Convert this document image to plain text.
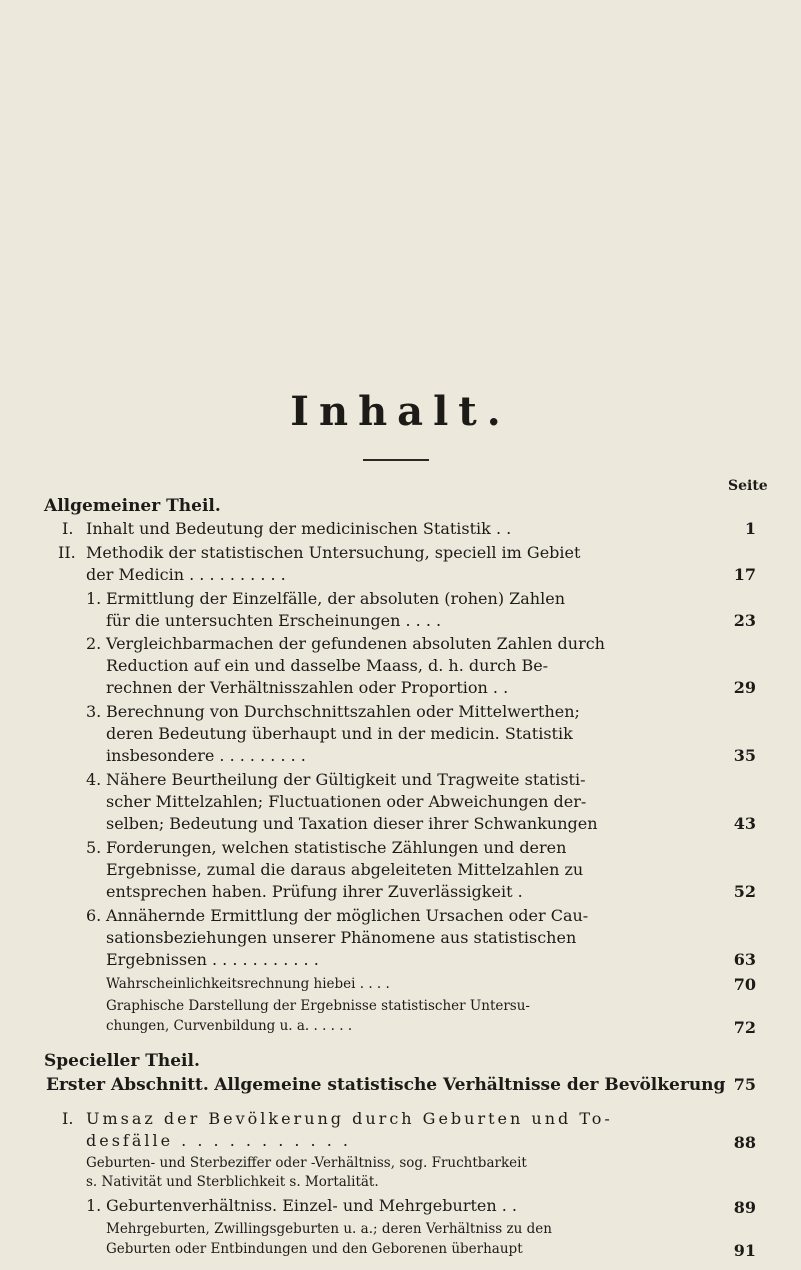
Inhalt.
Seite
Allgemeiner Theil.
I. Inhalt und Bedeutung der medicinischen Statistik . .	1
II. Methodik der statistischen Untersuchung, speciell im Gebiet
der Medicin . . . . . . . . . .	17
1. Ermittlung der Einzelfälle, der absoluten (rohen) Zahlen
für die untersuchten Erscheinungen . . . .	23
2. Vergleichbarmachen der gefundenen absoluten Zahlen durch
Reduction auf ein und dasselbe Maass, d. h. durch Be-
rechnen der Verhältnisszahlen oder Proportion . .	29
3. Berechnung von Durchschnittszahlen oder Mittelwerthen;
deren Bedeutung überhaupt und in der medicin. Statistik
insbesondere . . . . . . . . .	35
4. Nähere Beurtheilung der Gültigkeit und Tragweite statisti-
scher Mittelzahlen; Fluctuationen oder Abweichungen der-
selben; Bedeutung und Taxation dieser ihrer Schwankungen	43
5. Forderungen, welchen statistische Zählungen und deren
Ergebnisse, zumal die daraus abgeleiteten Mittelzahlen zu
entsprechen haben. Prüfung ihrer Zuverlässigkeit .	52
6. Annähernde Ermittlung der möglichen Ursachen oder Cau-
sationsbeziehungen unserer Phänomene aus statistischen
Ergebnissen . . . . . . . . . . .	63
Wahrscheinlichkeitsrechnung hiebei . . . .	70
Graphische Darstellung der Ergebnisse statistischer Untersu-
chungen, Curvenbildung u. a. . . . . .	72
Specieller Theil.
Erster Abschnitt. Allgemeine statistische Verhältnisse der Bevölkerung 75
I. Umsaz der Bevölkerung durch Geburten und To-
desfälle . . . . . . . . . . .	88
Geburten- und Sterbeziffer oder -Verhältniss, sog. Fruchtbarkeit
s. Nativität und Sterblichkeit s. Mortalität.
1. Geburtenverhältniss. Einzel- und Mehrgeburten . .	89
Mehrgeburten, Zwillingsgeburten u. a.; deren Verhältniss zu den
Geburten oder Entbindungen und den Geborenen überhaupt	91
